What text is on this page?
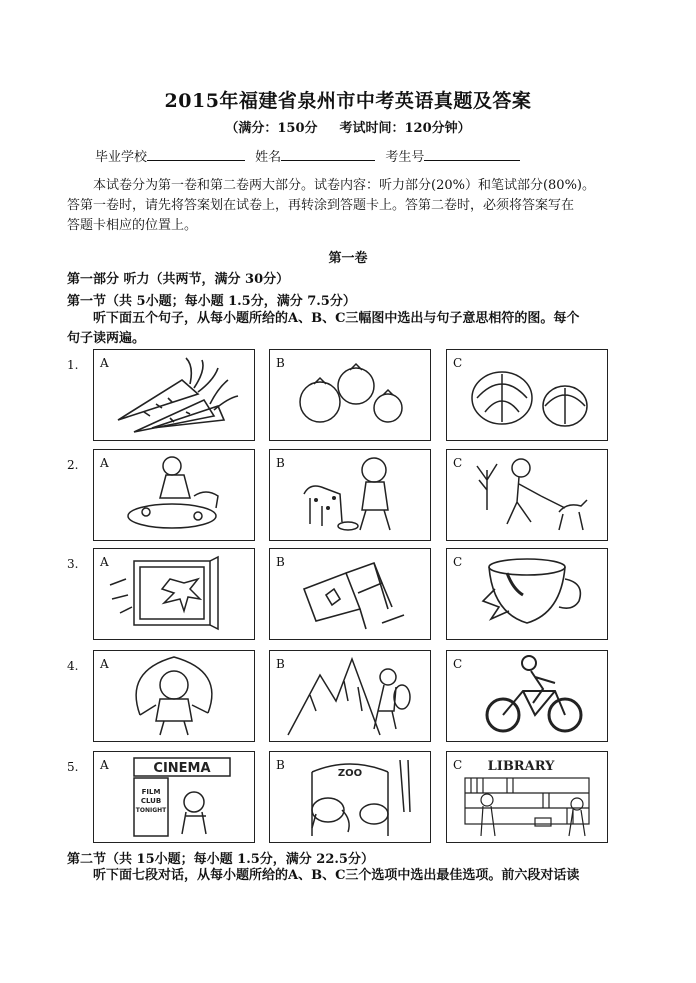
2015年福建省泉州市中考英语真题及答案
（满分：150分 考试时间：120分钟）
毕业学校	姓名	考生号
本试卷分为第一卷和第二卷两大部分。试卷内容：听力部分(20%）和笔试部分(80%)。
答第一卷时，请先将答案划在试卷上，再转涂到答题卡上。答第二卷时，必须将答案写在
答题卡相应的位置上。
第一卷
第一部分 听力（共两节，满分 30分）
第一节（共 5小题；每小题 1.5分，满分 7.5分）
听下面五个句子，从每小题所给的A、B、C三幅图中选出与句子意思相符的图。每个
句子读两遍。
1. A	B	C
2. A	B	C
3. A	B	C
4. A	B	C
5. A	CINEMA
FILM
CLUB
TONIGHT
B
ZOO
C LIBRARY
第二节（共 15小题；每小题 1.5分，满分 22.5分）
听下面七段对话，从每小题所给的A、B、C三个选项中选出最佳选项。前六段对话读
